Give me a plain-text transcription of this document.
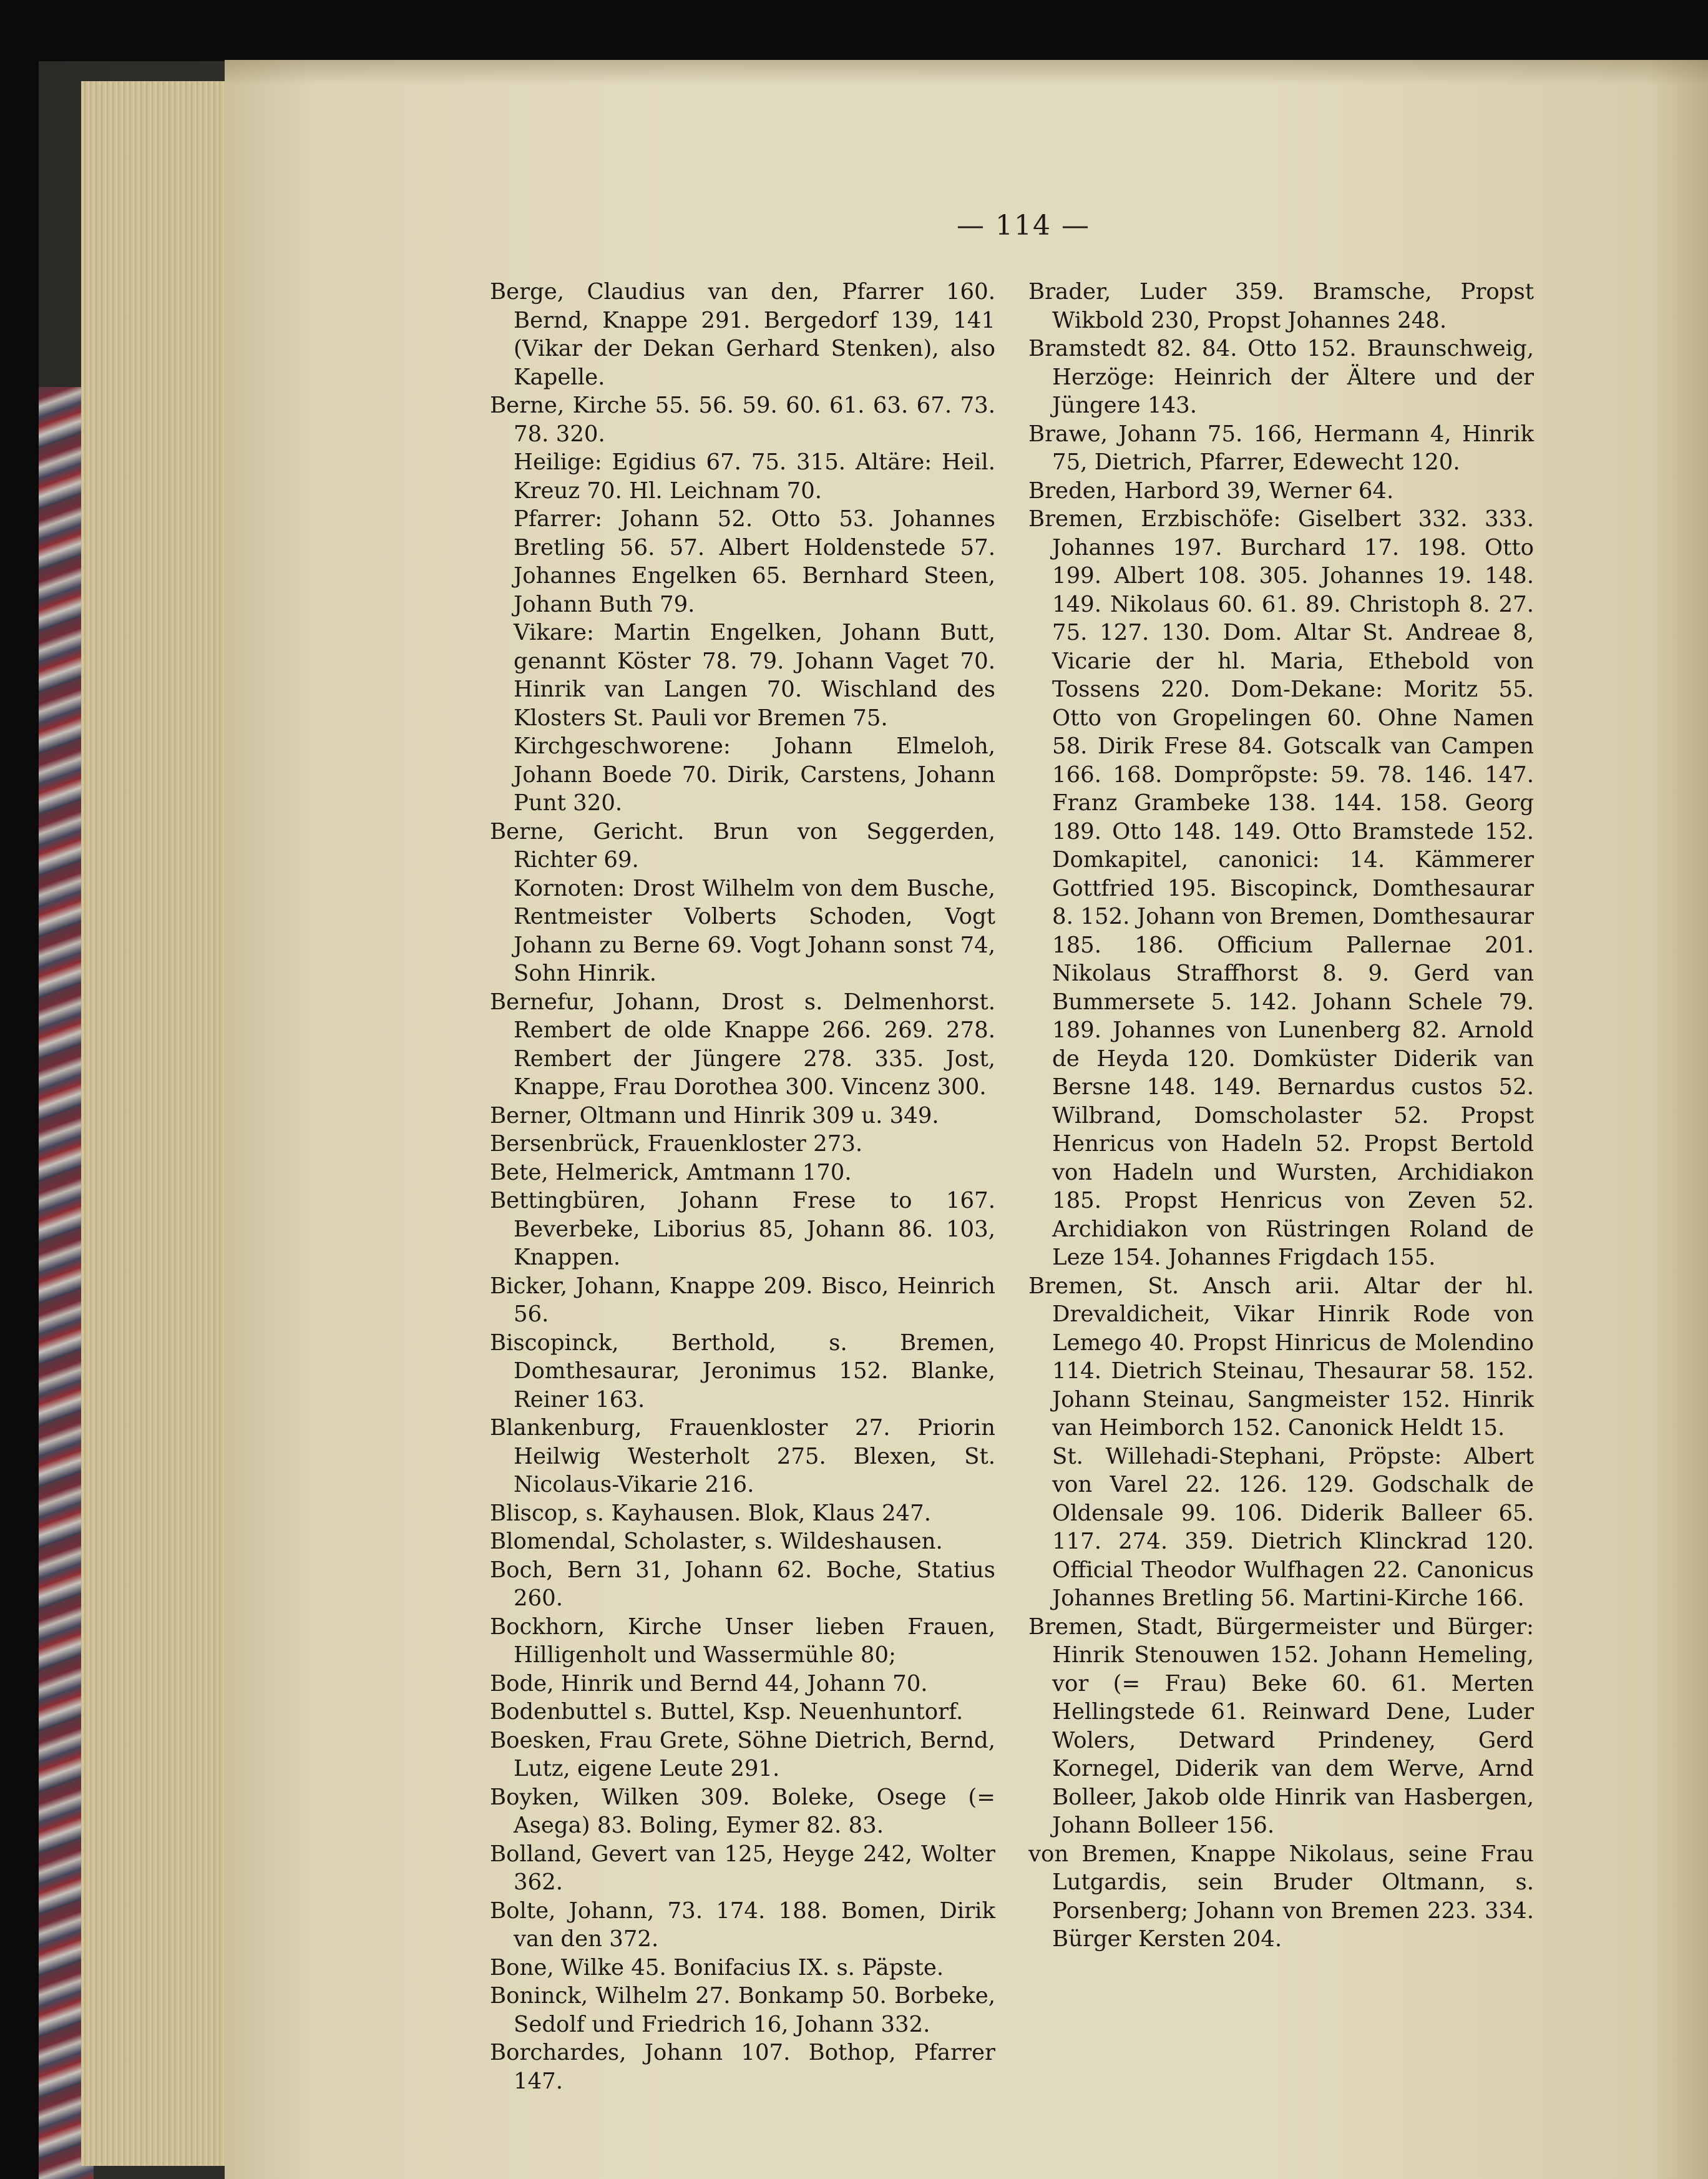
— 114 —
Berge, Claudius van den, Pfarrer 160. Bernd, Knappe 291. Bergedorf 139, 141 (Vikar der Dekan Gerhard Stenken), also Kapelle.
Berne, Kirche 55. 56. 59. 60. 61. 63. 67. 73. 78. 320.
Heilige: Egidius 67. 75. 315. Altäre: Heil. Kreuz 70. Hl. Leichnam 70.
Pfarrer: Johann 52. Otto 53. Johannes Bretling 56. 57. Albert Holdenstede 57. Johannes Engelken 65. Bernhard Steen, Johann Buth 79.
Vikare: Martin Engelken, Johann Butt, genannt Köster 78. 79. Johann Vaget 70. Hinrik van Langen 70. Wischland des Klosters St. Pauli vor Bremen 75.
Kirchgeschworene: Johann Elmeloh, Johann Boede 70. Dirik, Carstens, Johann Punt 320.
Berne, Gericht. Brun von Seggerden, Richter 69.
Kornoten: Drost Wilhelm von dem Busche, Rentmeister Volberts Schoden, Vogt Johann zu Berne 69. Vogt Johann sonst 74, Sohn Hinrik.
Bernefur, Johann, Drost s. Delmenhorst. Rembert de olde Knappe 266. 269. 278. Rembert der Jüngere 278. 335. Jost, Knappe, Frau Dorothea 300. Vincenz 300.
Berner, Oltmann und Hinrik 309 u. 349.
Bersenbrück, Frauenkloster 273.
Bete, Helmerick, Amtmann 170.
Bettingbüren, Johann Frese to 167. Beverbeke, Liborius 85, Johann 86. 103, Knappen.
Bicker, Johann, Knappe 209. Bisco, Heinrich 56.
Biscopinck, Berthold, s. Bremen, Domthesaurar, Jeronimus 152. Blanke, Reiner 163.
Blankenburg, Frauenkloster 27. Priorin Heilwig Westerholt 275. Blexen, St. Nicolaus-Vikarie 216.
Bliscop, s. Kayhausen. Blok, Klaus 247.
Blomendal, Scholaster, s. Wildeshausen.
Boch, Bern 31, Johann 62. Boche, Statius 260.
Bockhorn, Kirche Unser lieben Frauen, Hilligenholt und Wassermühle 80;
Bode, Hinrik und Bernd 44, Johann 70.
Bodenbuttel s. Buttel, Ksp. Neuenhuntorf.
Boesken, Frau Grete, Söhne Dietrich, Bernd, Lutz, eigene Leute 291.
Boyken, Wilken 309. Boleke, Osege (= Asega) 83. Boling, Eymer 82. 83.
Bolland, Gevert van 125, Heyge 242, Wolter 362.
Bolte, Johann, 73. 174. 188. Bomen, Dirik van den 372.
Bone, Wilke 45. Bonifacius IX. s. Päpste.
Boninck, Wilhelm 27. Bonkamp 50. Borbeke, Sedolf und Friedrich 16, Johann 332.
Borchardes, Johann 107. Bothop, Pfarrer 147.
Brader, Luder 359. Bramsche, Propst Wikbold 230, Propst Johannes 248.
Bramstedt 82. 84. Otto 152. Braunschweig, Herzöge: Heinrich der Ältere und der Jüngere 143.
Brawe, Johann 75. 166, Hermann 4, Hinrik 75, Dietrich, Pfarrer, Edewecht 120.
Breden, Harbord 39, Werner 64.
Bremen, Erzbischöfe: Giselbert 332. 333. Johannes 197. Burchard 17. 198. Otto 199. Albert 108. 305. Johannes 19. 148. 149. Nikolaus 60. 61. 89. Christoph 8. 27. 75. 127. 130. Dom. Altar St. Andreae 8, Vicarie der hl. Maria, Ethebold von Tossens 220. Dom-Dekane: Moritz 55. Otto von Gropelingen 60. Ohne Namen 58. Dirik Frese 84. Gotscalk van Campen 166. 168. Domprõpste: 59. 78. 146. 147. Franz Grambeke 138. 144. 158. Georg 189. Otto 148. 149. Otto Bramstede 152. Domkapitel, canonici: 14. Kämmerer Gottfried 195. Biscopinck, Domthesaurar 8. 152. Johann von Bremen, Domthesaurar 185. 186. Officium Pallernae 201. Nikolaus Straffhorst 8. 9. Gerd van Bummersete 5. 142. Johann Schele 79. 189. Johannes von Lunenberg 82. Arnold de Heyda 120. Domküster Diderik van Bersne 148. 149. Bernardus custos 52. Wilbrand, Domscholaster 52. Propst Henricus von Hadeln 52. Propst Bertold von Hadeln und Wursten, Archidiakon 185. Propst Henricus von Zeven 52. Archidiakon von Rüstringen Roland de Leze 154. Johannes Frigdach 155.
Bremen, St. Ansch arii. Altar der hl. Drevaldicheit, Vikar Hinrik Rode von Lemego 40. Propst Hinricus de Molendino 114. Dietrich Steinau, Thesaurar 58. 152. Johann Steinau, Sangmeister 152. Hinrik van Heimborch 152. Canonick Heldt 15.
St. Willehadi-Stephani, Pröpste: Albert von Varel 22. 126. 129. Godschalk de Oldensale 99. 106. Diderik Balleer 65. 117. 274. 359. Dietrich Klinckrad 120. Official Theodor Wulfhagen 22. Canonicus Johannes Bretling 56. Martini-Kirche 166.
Bremen, Stadt, Bürgermeister und Bürger: Hinrik Stenouwen 152. Johann Hemeling, vor (= Frau) Beke 60. 61. Merten Hellingstede 61. Reinward Dene, Luder Wolers, Detward Prindeney, Gerd Kornegel, Diderik van dem Werve, Arnd Bolleer, Jakob olde Hinrik van Hasbergen, Johann Bolleer 156.
von Bremen, Knappe Nikolaus, seine Frau Lutgardis, sein Bruder Oltmann, s. Porsenberg; Johann von Bremen 223. 334. Bürger Kersten 204.
